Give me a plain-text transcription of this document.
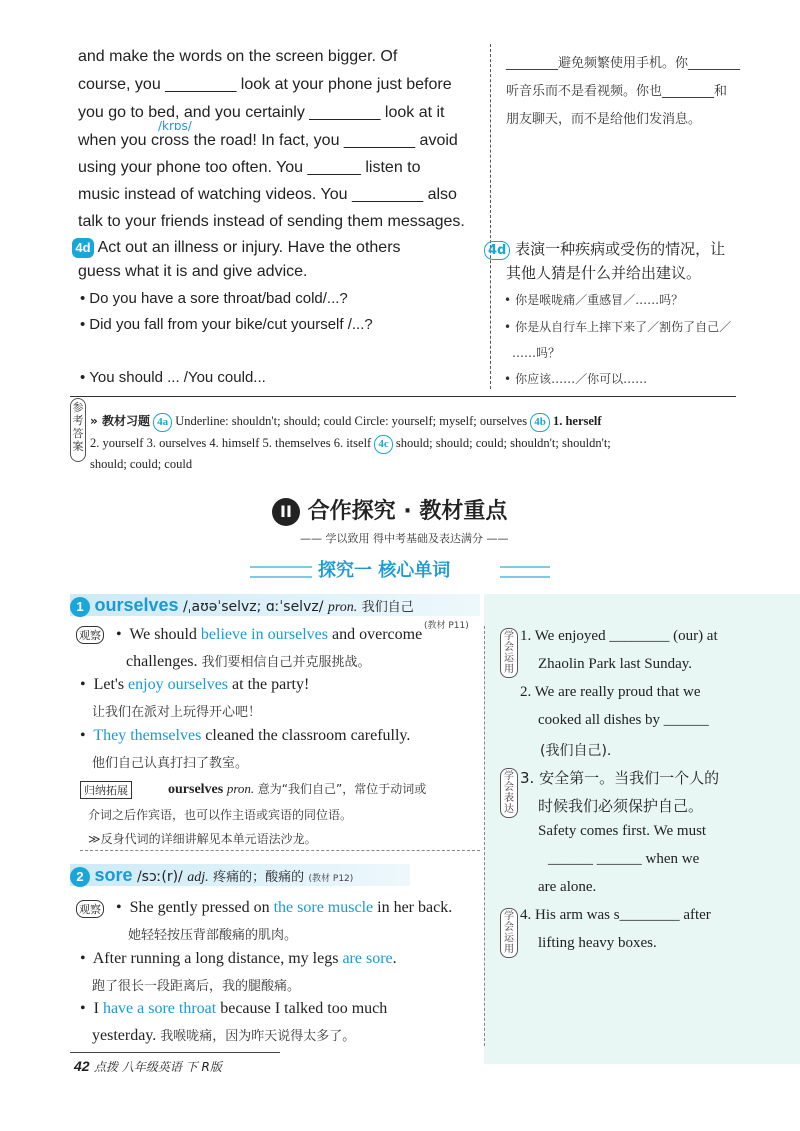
and make the words on the screen bigger. Of
course, you ________ look at your phone just before
you go to bed, and you certainly ________ look at it
/krɒs/
when you cross the road! In fact, you ________ avoid
using your phone too often. You ______ listen to
music instead of watching videos. You ________ also
talk to your friends instead of sending them messages.
________避免频繁使用手机。你________
听音乐而不是看视频。你也________和
朋友聊天，而不是给他们发消息。
4d Act out an illness or injury. Have the others
guess what it is and give advice.
• Do you have a sore throat/bad cold/...?
• Did you fall from your bike/cut yourself /...?
• You should ... /You could...
4d 表演一种疾病或受伤的情况，让
其他人猜是什么并给出建议。
• 你是喉咙痛／重感冒／……吗？
• 你是从自行车上摔下来了／割伤了自己／
……吗？
• 你应该……／你可以……
参考答案
» 教材习题 4a Underline: shouldn't; should; could Circle: yourself; myself; ourselves 4b 1. herself
2. yourself 3. ourselves 4. himself 5. themselves 6. itself 4c should; should; could; shouldn't; shouldn't;
should; could; could
II 合作探究 · 教材重点
—— 学以致用 得中考基础及表达满分 ——
探究一 核心单词
学会运用
1. We enjoyed ________ (our) at
Zhaolin Park last Sunday.
2. We are really proud that we
cooked all dishes by ______
(我们自己).
学会表达
3. 安全第一。当我们一个人的
时候我们必须保护自己。
Safety comes first. We must
______ ______ when we
are alone.
学会运用
4. His arm was s________ after
lifting heavy boxes.
1 ourselves /ˌaʊəˈselvz; ɑːˈselvz/ pron. 我们自己
(教材 P11)
观察	• We should believe in ourselves and overcome
challenges. 我们要相信自己并克服挑战。
• Let's enjoy ourselves at the party!
让我们在派对上玩得开心吧！
• They themselves cleaned the classroom carefully.
他们自己认真打扫了教室。
归纳拓展	ourselves pron. 意为“我们自己”，常位于动词或
介词之后作宾语，也可以作主语或宾语的同位语。
≫反身代词的详细讲解见本单元语法沙龙。
2 sore /sɔː(r)/ adj. 疼痛的；酸痛的 (教材 P12)
观察	• She gently pressed on the sore muscle in her back.
她轻轻按压背部酸痛的肌肉。
• After running a long distance, my legs are sore.
跑了很长一段距离后，我的腿酸痛。
• I have a sore throat because I talked too much
yesterday. 我喉咙痛，因为昨天说得太多了。
42 点拨 八年级英语 下 R版
